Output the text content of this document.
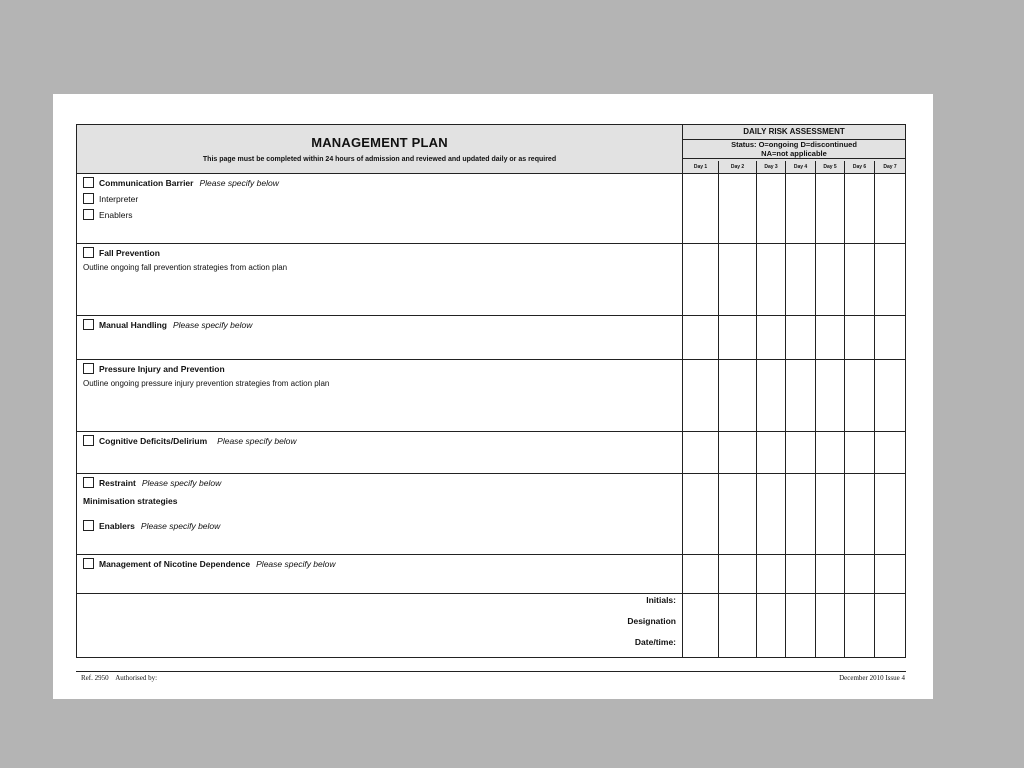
MANAGEMENT PLAN
This page must be completed within 24 hours of admission and reviewed and updated daily or as required
DAILY RISK ASSESSMENT
Status: O=ongoing D=discontinued
NA=not applicable
Day 1	Day 2	Day 3	Day 4	Day 5	Day 6	Day 7
Communication Barrier Please specify below
Interpreter
Enablers
Fall Prevention
Outline ongoing fall prevention strategies from action plan
Manual Handling Please specify below
Pressure Injury and Prevention
Outline ongoing pressure injury prevention strategies from action plan
Cognitive Deficits/Delirium Please specify below
Restraint Please specify below
Minimisation strategies
Enablers Please specify below
Management of Nicotine Dependence Please specify below
Initials:
Designation
Date/time:
Ref. 2950 Authorised by:	December 2010 Issue 4
